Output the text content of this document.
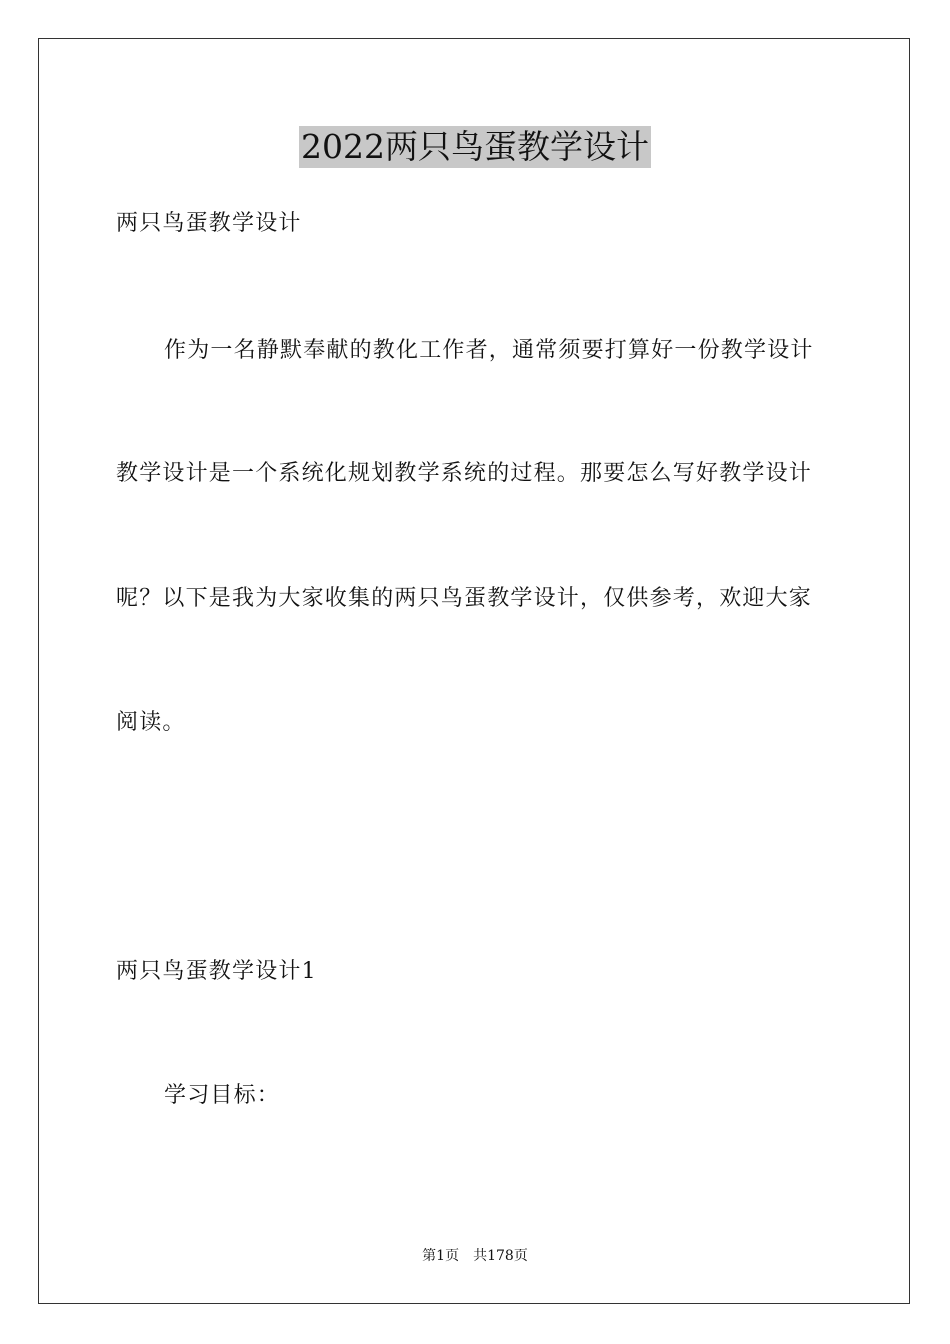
2022两只鸟蛋教学设计
两只鸟蛋教学设计
作为一名静默奉献的教化工作者，通常须要打算好一份教学设计
教学设计是一个系统化规划教学系统的过程。那要怎么写好教学设计
呢？以下是我为大家收集的两只鸟蛋教学设计，仅供参考，欢迎大家
阅读。
两只鸟蛋教学设计1
学习目标：
第1页 共178页
